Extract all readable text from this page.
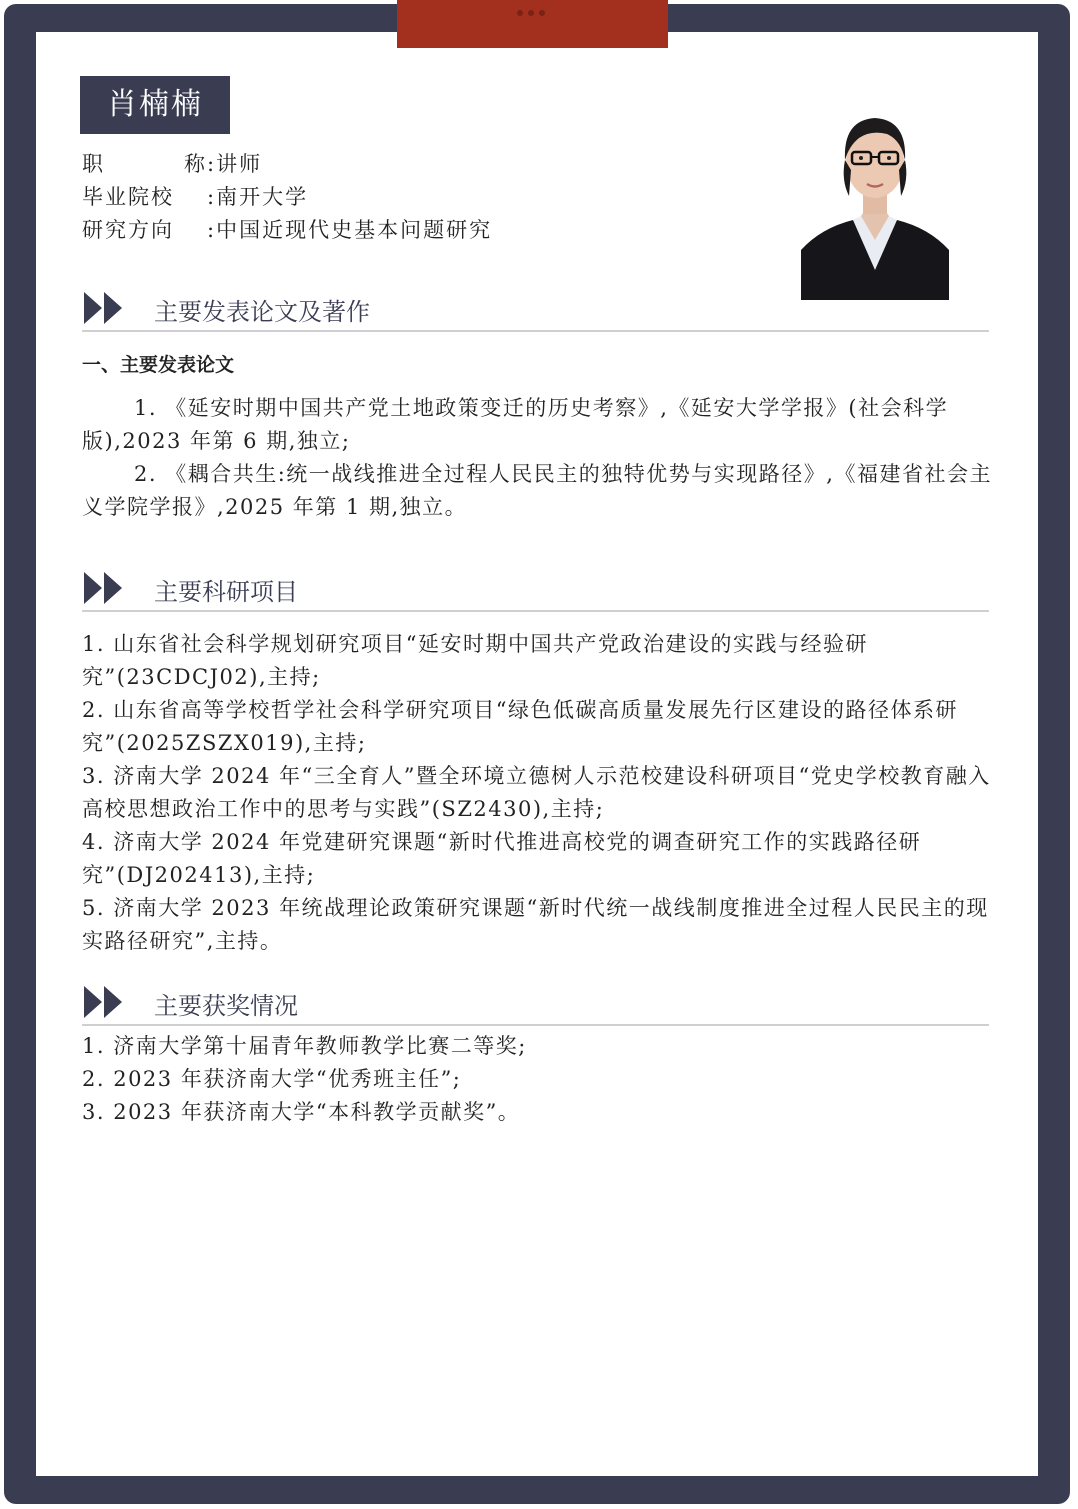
肖楠楠
职	称 : 讲师
毕业院校	: 南开大学
研究方向	: 中国近现代史基本问题研究
主要发表论文及著作
一、主要发表论文

1. 《延安时期中国共产党土地政策变迁的历史考察》,《延安大学学报》(社会科学版),2023 年第 6 期,独立;

2. 《耦合共生:统一战线推进全过程人民民主的独特优势与实现路径》,《福建省社会主义学院学报》,2025 年第 1 期,独立。

主要科研项目

1. 山东省社会科学规划研究项目“延安时期中国共产党政治建设的实践与经验研究”(23CDCJ02),主持;

2. 山东省高等学校哲学社会科学研究项目“绿色低碳高质量发展先行区建设的路径体系研究”(2025ZSZX019),主持;

3. 济南大学 2024 年“三全育人”暨全环境立德树人示范校建设科研项目“党史学校教育融入高校思想政治工作中的思考与实践”(SZ2430),主持;

4. 济南大学 2024 年党建研究课题“新时代推进高校党的调查研究工作的实践路径研究”(DJ202413),主持;

5. 济南大学 2023 年统战理论政策研究课题“新时代统一战线制度推进全过程人民民主的现实路径研究”,主持。

主要获奖情况

1. 济南大学第十届青年教师教学比赛二等奖;

2. 2023 年获济南大学“优秀班主任”;

3. 2023 年获济南大学“本科教学贡献奖”。
